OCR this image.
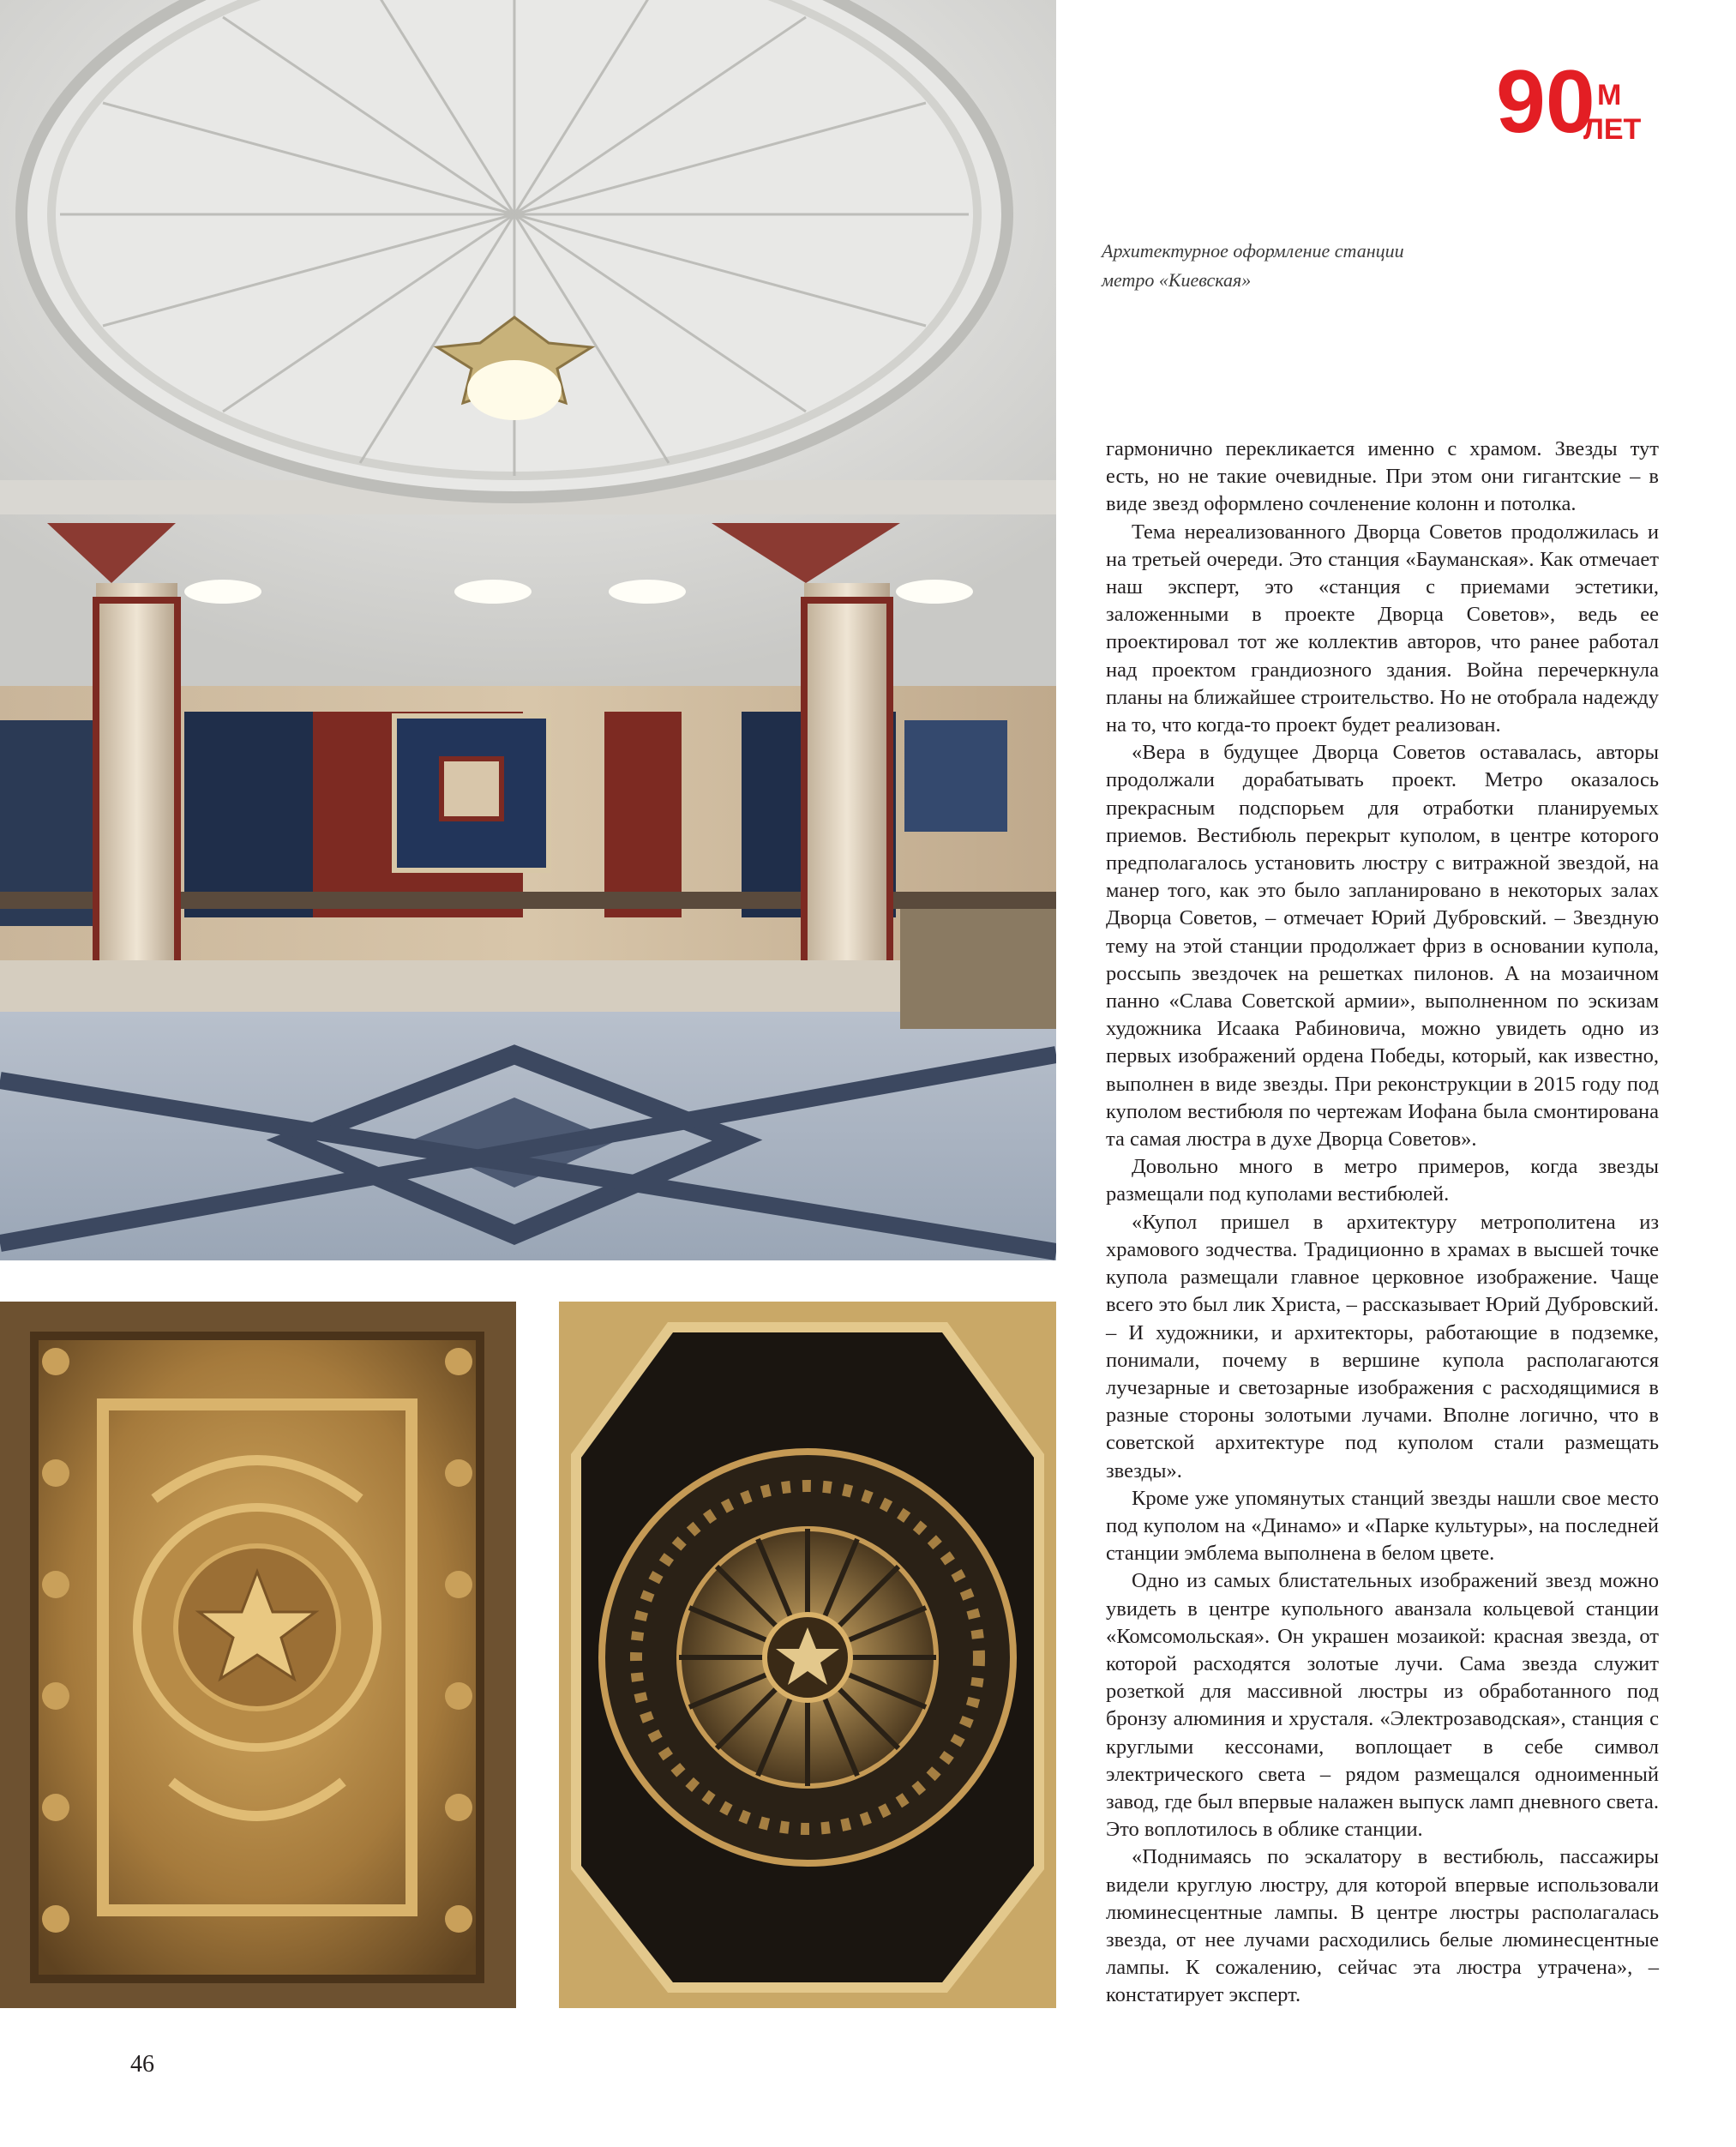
90 М
ЛЕТ
Архитектурное оформление станции
метро «Киевская»

гармонично перекликается именно с храмом. Звезды тут есть, но не такие очевидные. При этом они гигантские – в виде звезд оформлено сочленение колонн и потолка.

Тема нереализованного Дворца Советов продолжилась и на третьей очереди. Это станция «Бауманская». Как отмечает наш эксперт, это «станция с приемами эстетики, заложенными в проекте Дворца Советов», ведь ее проектировал тот же коллектив авторов, что ранее работал над проектом грандиозного здания. Война перечеркнула планы на ближайшее строительство. Но не отобрала надежду на то, что когда-то проект будет реализован.

«Вера в будущее Дворца Советов оставалась, авторы продолжали дорабатывать проект. Метро оказалось прекрасным подспорьем для отработки планируемых приемов. Вестибюль перекрыт куполом, в центре которого предполагалось установить люстру с витражной звездой, на манер того, как это было запланировано в некоторых залах Дворца Советов, – отмечает Юрий Дубровский. – Звездную тему на этой станции продолжает фриз в основании купола, россыпь звездочек на решетках пилонов. А на мозаичном панно «Слава Советской армии», выполненном по эскизам художника Исаака Рабиновича, можно увидеть одно из первых изображений ордена Победы, который, как известно, выполнен в виде звезды. При реконструкции в 2015 году под куполом вестибюля по чертежам Иофана была смонтирована та самая люстра в духе Дворца Советов».

Довольно много в метро примеров, когда звезды размещали под куполами вестибюлей.

«Купол пришел в архитектуру метрополитена из храмового зодчества. Традиционно в храмах в высшей точке купола размещали главное церковное изображение. Чаще всего это был лик Христа, – рассказывает Юрий Дубровский. – И художники, и архитекторы, работающие в подземке, понимали, почему в вершине купола располагаются лучезарные и светозарные изображения с расходящимися в разные стороны золотыми лучами. Вполне логично, что в советской архитектуре под куполом стали размещать звезды».

Кроме уже упомянутых станций звезды нашли свое место под куполом на «Динамо» и «Парке культуры», на последней станции эмблема выполнена в белом цвете.

Одно из самых блистательных изображений звезд можно увидеть в центре купольного аванзала кольцевой станции «Комсомольская». Он украшен мозаикой: красная звезда, от которой расходятся золотые лучи. Сама звезда служит розеткой для массивной люстры из обработанного под бронзу алюминия и хрусталя. «Электрозаводская», станция с круглыми кессонами, воплощает в себе символ электрического света – рядом размещался одноименный завод, где был впервые налажен выпуск ламп дневного света. Это воплотилось в облике станции.

«Поднимаясь по эскалатору в вестибюль, пассажиры видели круглую люстру, для которой впервые использовали люминесцентные лампы. В центре люстры располагалась звезда, от нее лучами расходились белые люминесцентные лампы. К сожалению, сейчас эта люстра утрачена», – констатирует эксперт.

46
